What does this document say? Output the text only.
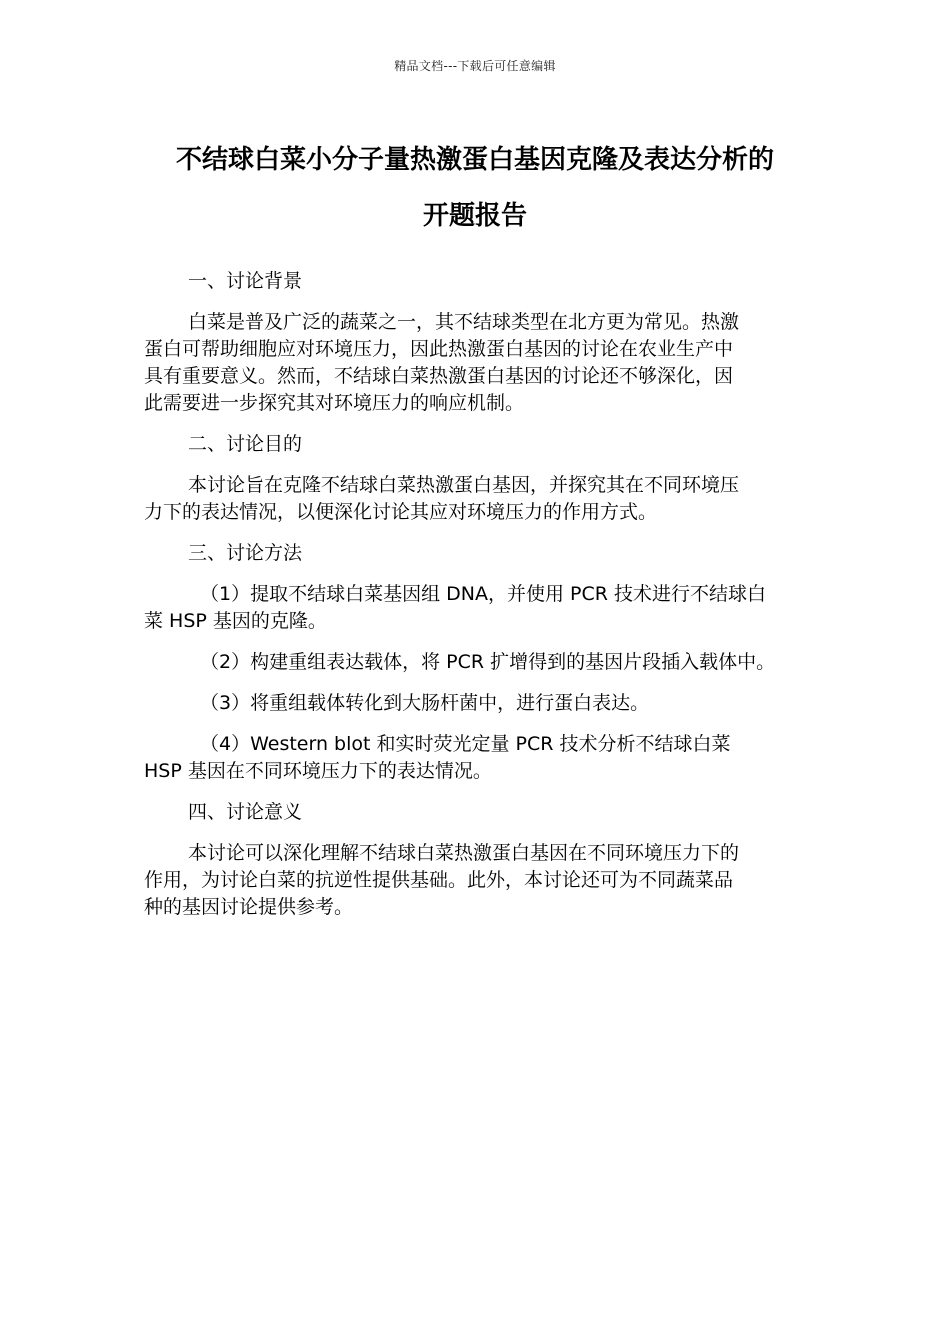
精品文档---下载后可任意编辑
不结球白菜小分子量热激蛋白基因克隆及表达分析的
开题报告

一、讨论背景

白菜是普及广泛的蔬菜之一，其不结球类型在北方更为常见。热激
蛋白可帮助细胞应对环境压力，因此热激蛋白基因的讨论在农业生产中
具有重要意义。然而，不结球白菜热激蛋白基因的讨论还不够深化，因
此需要进一步探究其对环境压力的响应机制。

二、讨论目的

本讨论旨在克隆不结球白菜热激蛋白基因，并探究其在不同环境压
力下的表达情况，以便深化讨论其应对环境压力的作用方式。

三、讨论方法

（1）提取不结球白菜基因组 DNA，并使用 PCR 技术进行不结球白
菜 HSP 基因的克隆。

（2）构建重组表达载体，将 PCR 扩增得到的基因片段插入载体中。

（3）将重组载体转化到大肠杆菌中，进行蛋白表达。

（4）Western blot 和实时荧光定量 PCR 技术分析不结球白菜
HSP 基因在不同环境压力下的表达情况。

四、讨论意义

本讨论可以深化理解不结球白菜热激蛋白基因在不同环境压力下的
作用，为讨论白菜的抗逆性提供基础。此外，本讨论还可为不同蔬菜品
种的基因讨论提供参考。
